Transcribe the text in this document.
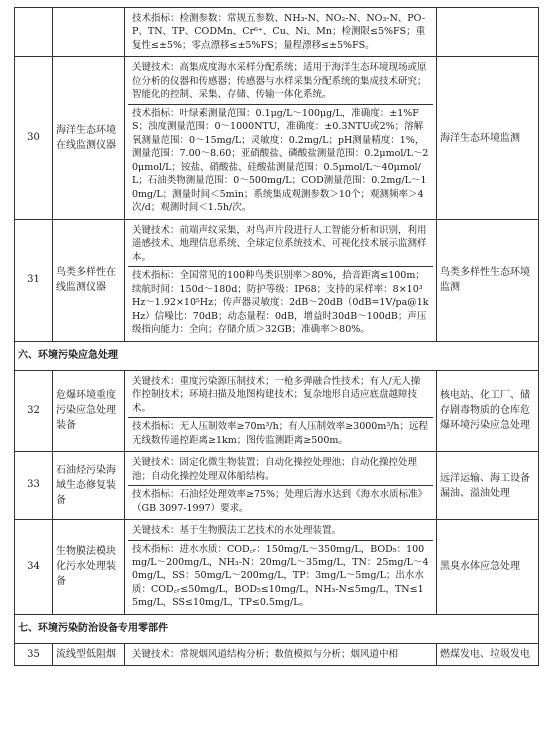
		技术指标：检测参数：常规五参数、NH₃-N、NO₂-N、NO₃-N、PO-P、TN、TP、CODMn、Cr⁶⁺、Cu、Ni、Mn；检测限≤5%FS；重复性≤±5%；零点漂移≤±5%FS；量程漂移≤±5%FS。	

30	海洋生态环境在线监测仪器	关键技术：高集成度海水采样分配系统；适用于海洋生态环境现场或原位分析的仪器和传感器；传感器与水样采集分配系统的集成技术研究；智能化的控制、采集、存储、传输一体化系统。
技术指标：叶绿素测量范围：0.1μg/L～100μg/L，准确度：±1%FS；浊度测量范围：0～1000NTU，准确度：±0.3NTU或2%；溶解氧测量范围：0～15mg/L；灵敏度：0.2mg/L；pH测量精度：1%，测量范围：7.00～8.60；亚硝酸盐、磷酸盐测量范围：0.2μmol/L～20μmol/L；铵盐、硝酸盐、硅酸盐测量范围：0.5μmol/L～40μmol/L；石油类物测量范围：0～500mg/L；COD测量范围：0.2mg/L～10mg/L；测量时间＜5min；系统集成观测参数＞10个；观测频率＞4次/d；观测时间＜1.5h/次。	海洋生态环境监测
31	鸟类多样性在线监测仪器	关键技术：前端声纹采集，对鸟声片段进行人工智能分析和识别，利用遥感技术、地理信息系统、全球定位系统技术、可视化技术展示监测样本。
技术指标：全国常见的100种鸟类识别率＞80%，拾音距离≤100m；续航时间：150d～180d；防护等级：IP68；支持的采样率：8×10³Hz～1.92×10⁵Hz；传声器灵敏度：2dB～20dB（0dB=1V/pa@1kHz）信噪比：70dB；动态量程：0dB，增益时30dB～100dB；声压级指向能力：全向；存储介质＞32GB；准确率＞80%。	鸟类多样性生态环境监测
六、环境污染应急处理			
32	危爆环境重度污染应急处理装备	关键技术：重度污染源压制技术；一枪多弹融合性技术；有人/无人操作控制技术；环境扫描及地图构建技术；复杂地形自适应底盘越障技术。
技术指标：无人压制效率≥70m³/h；有人压制效率≥3000m³/h；远程无线数传遥控距离≥1km；图传监测距离≥500m。	核电站、化工厂、储存剧毒物质的仓库危爆环境污染应急处理
33	石油烃污染海域生态修复装备	关键技术：固定化微生物装置；自动化操控处理池；自动化操控处理池；自动化操控处理双体船结构。
技术指标：石油烃处理效率≥75%；处理后海水达到《海水水质标准》（GB 3097-1997）要求。	远洋运输、海工设备漏油、溢油处理
34	生物膜法模块化污水处理装备	关键技术：基于生物膜法工艺技术的水处理装置。
技术指标：进水水质：COD꜀ᵣ：150mg/L～350mg/L，BOD₅：100mg/L～200mg/L，NH₃-N：20mg/L～35mg/L，TN：25mg/L～40mg/L，SS：50mg/L～200mg/L，TP：3mg/L～5mg/L；出水水质：COD꜀ᵣ≤50mg/L，BOD₅≤10mg/L，NH₃-N≤5mg/L，TN≤15mg/L，SS≤10mg/L，TP≤0.5mg/L。	黑臭水体应急处理
七、环境污染防治设备专用零部件			
35	流线型低阻烟	关键技术：常规烟风道结构分析；数值模拟与分析；烟风道中相	燃煤发电、垃圾发电
